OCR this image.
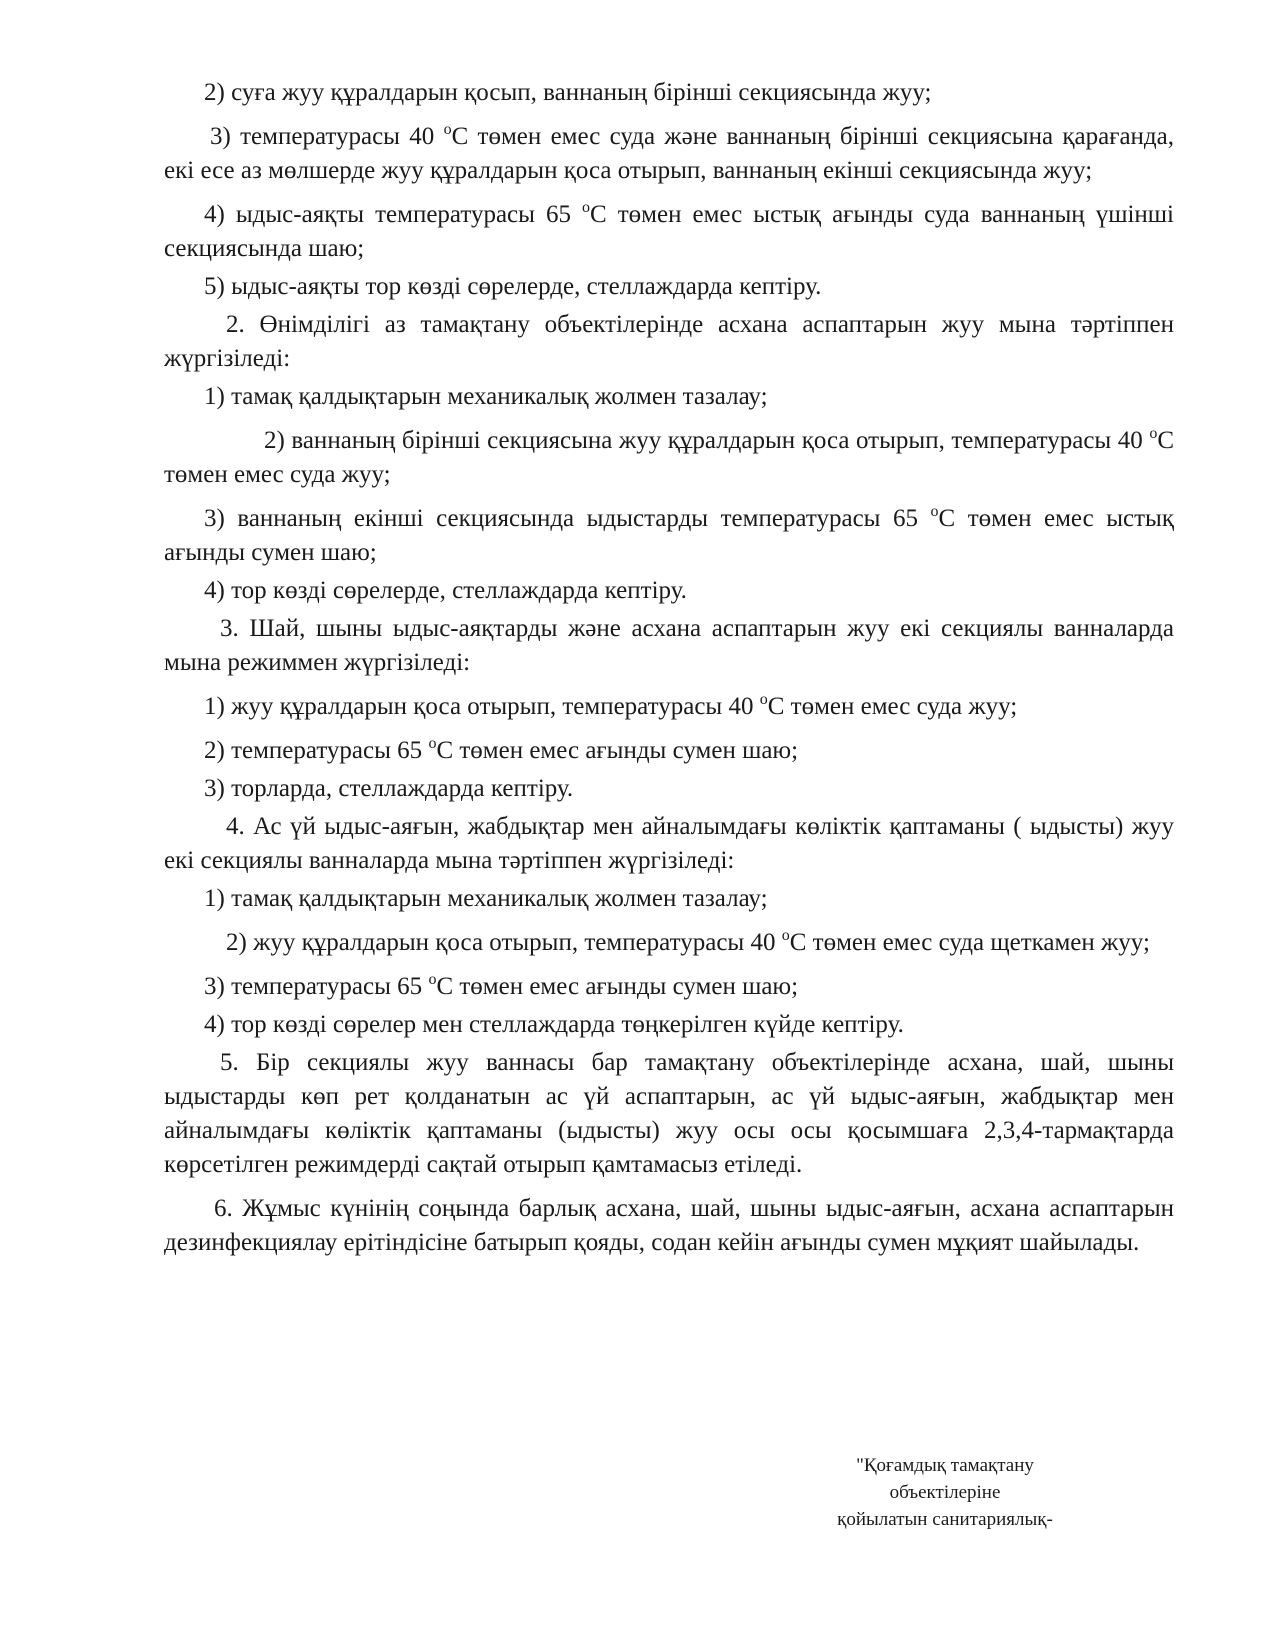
2) суға жуу құралдарын қосып, ваннаның бірінші секциясында жуу;

3) температурасы 40 $^o$С төмен емес суда және ваннаның бірінші секциясына қарағанда, екі есе аз мөлшерде жуу құралдарын қоса отырып, ваннаның екінші секциясында жуу;

4) ыдыс-аяқты температурасы 65 $^o$С төмен емес ыстық ағынды суда ваннаның үшінші секциясында шаю;

5) ыдыс-аяқты тор көзді сөрелерде, стеллаждарда кептіру.

2. Өнімділігі аз тамақтану объектілерінде асхана аспаптарын жуу мына тәртіппен жүргізіледі:

1) тамақ қалдықтарын механикалық жолмен тазалау;

2) ваннаның бірінші секциясына жуу құралдарын қоса отырып, температурасы 40 $^o$С төмен емес суда жуу;

3) ваннаның екінші секциясында ыдыстарды температурасы 65 $^o$С төмен емес ыстық ағынды сумен шаю;

4) тор көзді сөрелерде, стеллаждарда кептіру.

3. Шай, шыны ыдыс-аяқтарды және асхана аспаптарын жуу екі секциялы ванналарда мына режиммен жүргізіледі:

1) жуу құралдарын қоса отырып, температурасы 40 $^o$С төмен емес суда жуу;

2) температурасы 65 $^o$С төмен емес ағынды сумен шаю;

3) торларда, стеллаждарда кептіру.

4. Ас үй ыдыс-аяғын, жабдықтар мен айналымдағы көліктік қаптаманы ( ыдысты) жуу екі секциялы ванналарда мына тәртіппен жүргізіледі:

1) тамақ қалдықтарын механикалық жолмен тазалау;

2) жуу құралдарын қоса отырып, температурасы 40 $^o$С төмен емес суда щеткамен жуу;

3) температурасы 65 $^o$С төмен емес ағынды сумен шаю;

4) тор көзді сөрелер мен стеллаждарда төңкерілген күйде кептіру.

5. Бір секциялы жуу ваннасы бар тамақтану объектілерінде асхана, шай, шыны ыдыстарды көп рет қолданатын ас үй аспаптарын, ас үй ыдыс-аяғын, жабдықтар мен айналымдағы көліктік қаптаманы (ыдысты) жуу осы осы қосымшаға 2,3,4-тармақтарда көрсетілген режимдерді сақтай отырып қамтамасыз етіледі.

6. Жұмыс күнінің соңында барлық асхана, шай, шыны ыдыс-аяғын, асхана аспаптарын дезинфекциялау ерітіндісіне батырып қояды, содан кейін ағынды сумен мұқият шайылады.

"Қоғамдық тамақтану
объектілеріне
қойылатын санитариялық-
